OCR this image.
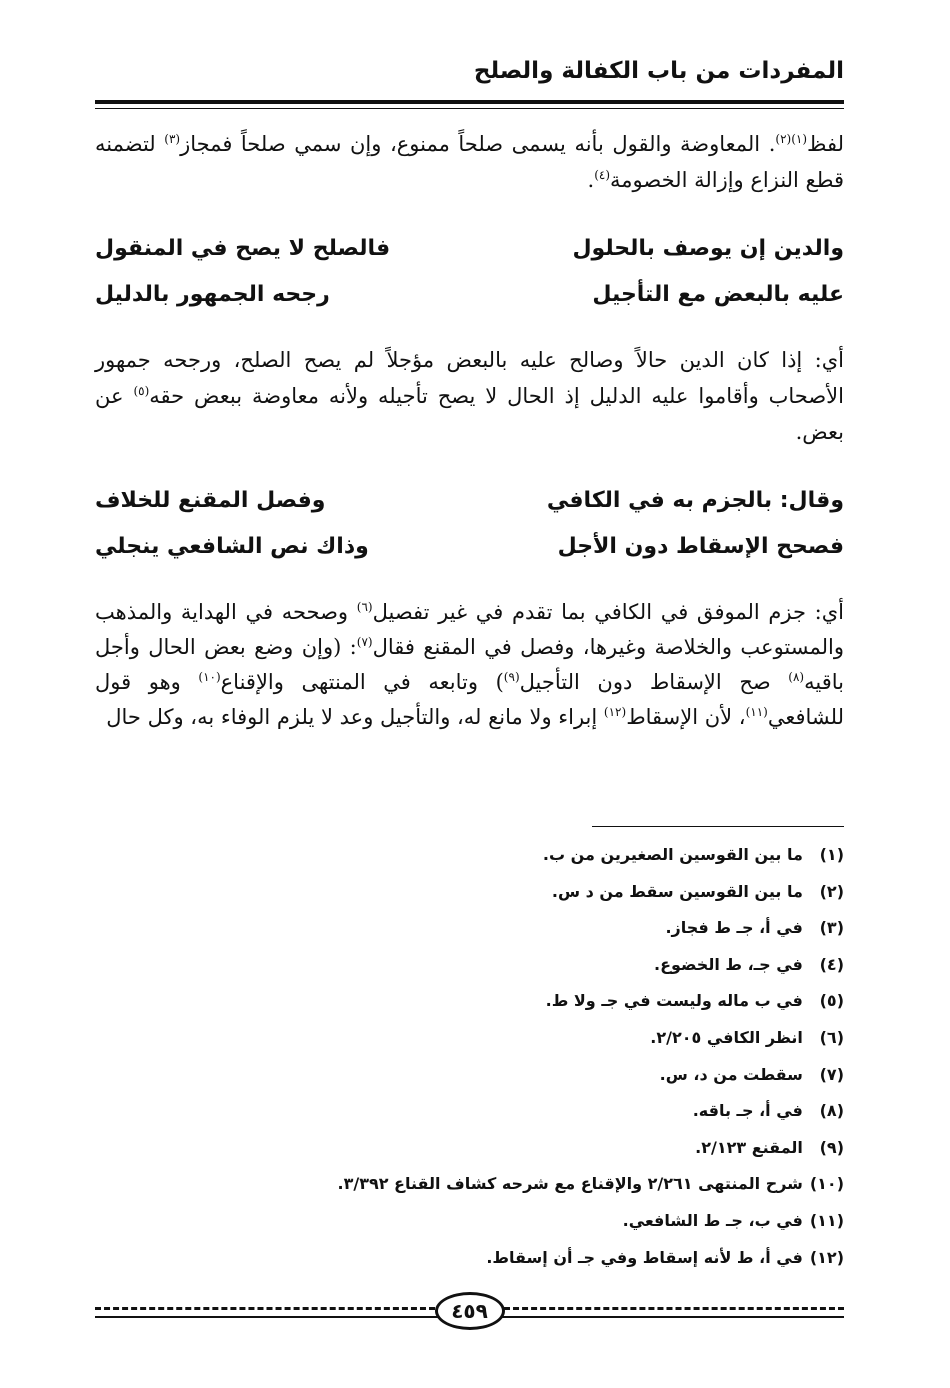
المفردات من باب الكفالة والصلح

لفظ$^{(١)(٢)}$. المعاوضة والقول بأنه يسمى صلحاً ممنوع، وإن سمي صلحاً فمجاز$^{(٣)}$ لتضمنه قطع النزاع وإزالة الخصومة$^{(٤)}$.

والدين إن يوصف بالحلول
فالصلح لا يصح في المنقول
عليه بالبعض مع التأجيل
رجحه الجمهور بالدليل

أي: إذا كان الدين حالاً وصالح عليه بالبعض مؤجلاً لم يصح الصلح، ورجحه جمهور الأصحاب وأقاموا عليه الدليل إذ الحال لا يصح تأجيله ولأنه معاوضة ببعض حقه$^{(٥)}$ عن بعض.

وقال: بالجزم به في الكافي
وفصل المقنع للخلاف
فصحح الإسقاط دون الأجل
وذاك نص الشافعي ينجلي

أي: جزم الموفق في الكافي بما تقدم في غير تفصيل$^{(٦)}$ وصححه في الهداية والمذهب والمستوعب والخلاصة وغيرها، وفصل في المقنع فقال$^{(٧)}$: (وإن وضع بعض الحال وأجل باقيه$^{(٨)}$ صح الإسقاط دون التأجيل$^{(٩)}$) وتابعه في المنتهى والإقناع$^{(١٠)}$ وهو قول للشافعي$^{(١١)}$، لأن الإسقاط$^{(١٢)}$ إبراء ولا مانع له، والتأجيل وعد لا يلزم الوفاء به، وكل حال

(١) ما بين القوسين الصغيرين من ب.
(٢) ما بين القوسين سقط من د س.
(٣) في أ، جـ ط فجاز.
(٤) في جـ، ط الخضوع.
(٥) في ب ماله وليست في جـ ولا ط.
(٦) انظر الكافي ٢/٢٠٥.
(٧) سقطت من د، س.
(٨) في أ، جـ باقه.
(٩) المقنع ٢/١٢٣.
(١٠) شرح المنتهى ٢/٢٦١ والإقناع مع شرحه كشاف القناع ٣/٣٩٢.
(١١) في ب، جـ ط الشافعي.
(١٢) في أ، ط لأنه إسقاط وفي جـ أن إسقاط.
٤٥٩
